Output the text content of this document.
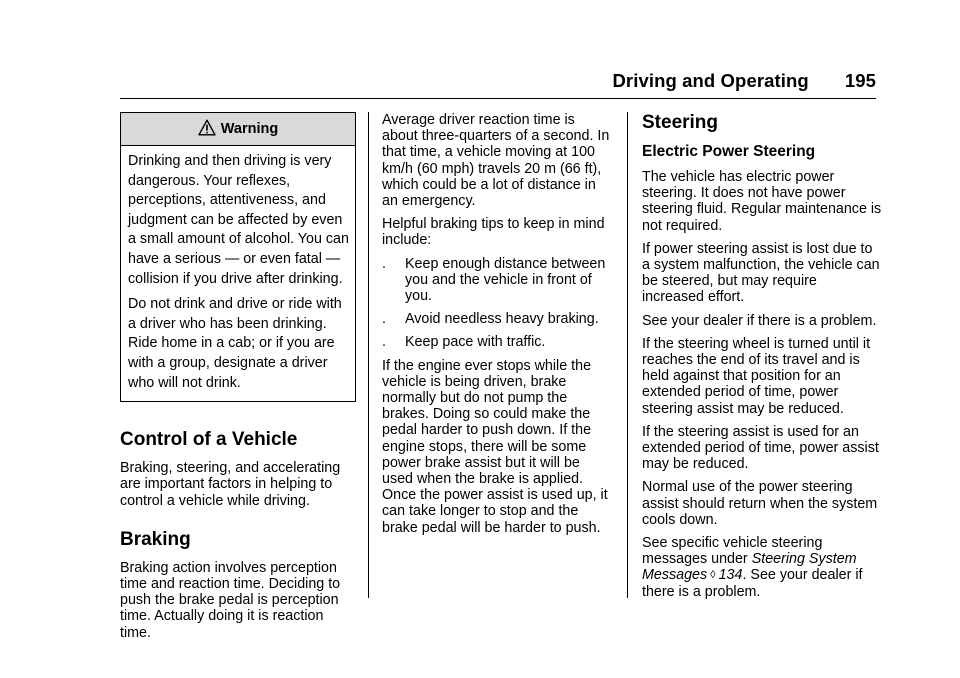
Driving and Operating 195
Warning

Drinking and then driving is very dangerous. Your reflexes, perceptions, attentiveness, and judgment can be affected by even a small amount of alcohol. You can have a serious — or even fatal — collision if you drive after drinking.

Do not drink and drive or ride with a driver who has been drinking. Ride home in a cab; or if you are with a group, designate a driver who will not drink.

Control of a Vehicle

Braking, steering, and accelerating are important factors in helping to control a vehicle while driving.

Braking

Braking action involves perception time and reaction time. Deciding to push the brake pedal is perception time. Actually doing it is reaction time.

Average driver reaction time is about three-quarters of a second. In that time, a vehicle moving at 100 km/h (60 mph) travels 20 m (66 ft), which could be a lot of distance in an emergency.

Helpful braking tips to keep in mind include:

.	Keep enough distance between you and the vehicle in front of you.
.	Avoid needless heavy braking.
.	Keep pace with traffic.

If the engine ever stops while the vehicle is being driven, brake normally but do not pump the brakes. Doing so could make the pedal harder to push down. If the engine stops, there will be some power brake assist but it will be used when the brake is applied. Once the power assist is used up, it can take longer to stop and the brake pedal will be harder to push.

Steering
Electric Power Steering

The vehicle has electric power steering. It does not have power steering fluid. Regular maintenance is not required.

If power steering assist is lost due to a system malfunction, the vehicle can be steered, but may require increased effort.

See your dealer if there is a problem.

If the steering wheel is turned until it reaches the end of its travel and is held against that position for an extended period of time, power steering assist may be reduced.

If the steering assist is used for an extended period of time, power assist may be reduced.

Normal use of the power steering assist should return when the system cools down.

See specific vehicle steering messages under Steering System Messages ◊ 134. See your dealer if there is a problem.
